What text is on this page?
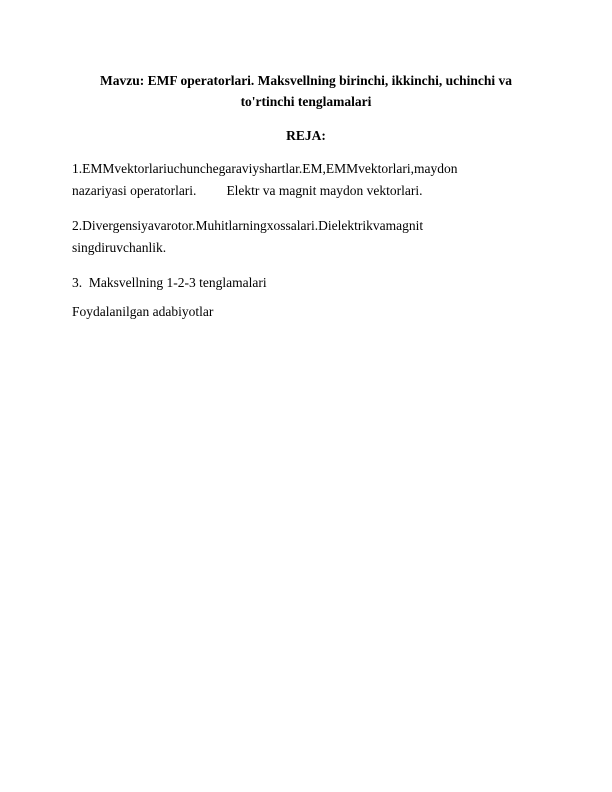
Mavzu: EMF operatorlari. Maksvellning birinchi, ikkinchi, uchinchi va
to'rtinchi tenglamalari
REJA:
1.EMMvektorlariuchunchegaraviyshartlar.EM,EMMvektorlari,maydon
nazariyasi operatorlari. Elektr va magnit maydon vektorlari.
2.Divergensiyavarotor.Muhitlarningxossalari.Dielektrikvamagnit
singdiruvchanlik.
3.  Maksvellning 1-2-3 tenglamalari
Foydalanilgan adabiyotlar
